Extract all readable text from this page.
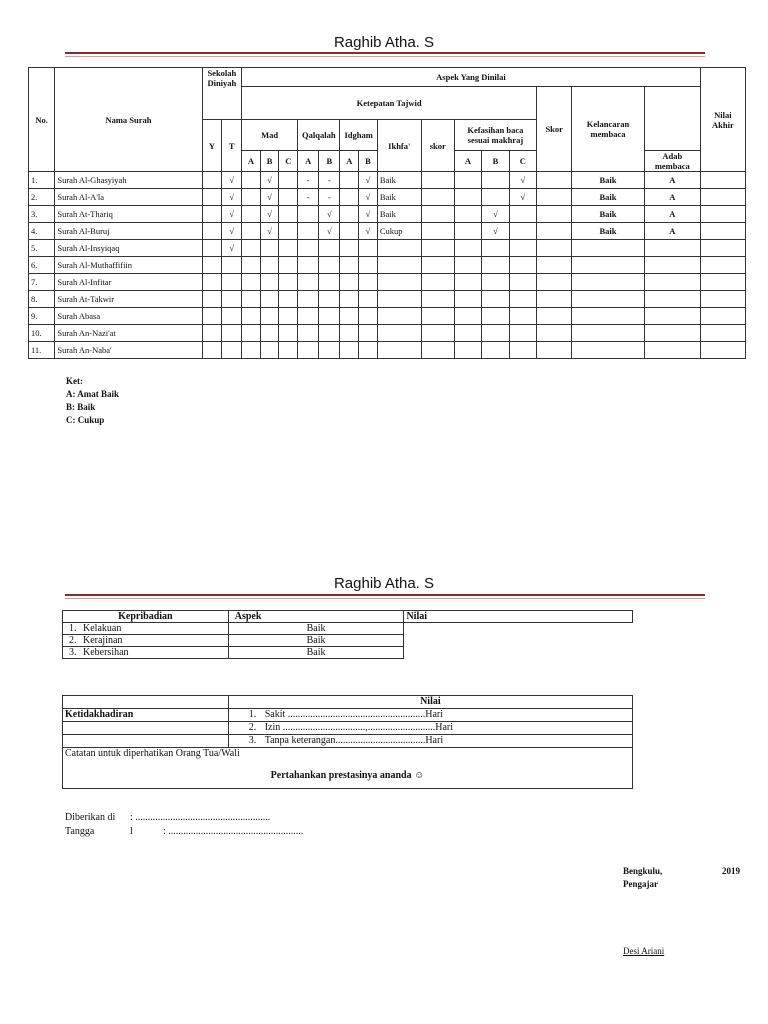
Raghib Atha. S
No.	Nama Surah	Sekolah Diniyah		Aspek Yang Dinilai															Nilai Akhir
				Ketepatan Tajwid												Skor	Kelancaran membaca		
		Y	T	Mad			Qalqalah		Idgham		Ikhfa'	skor	Kefasihan baca sesuai makhraj						
				A	B	C	A	B	A	B			A	B	C			Adab membaca	
1.	Surah Al-Ghasyiyah		√		√		-	-		√	Baik				√		Baik	A	
2.	Surah Al-A'la		√		√		-	-		√	Baik				√		Baik	A	
3.	Surah At-Thariq		√		√			√		√	Baik			√			Baik	A	
4.	Surah Al-Buruj		√		√			√		√	Cukup			√			Baik	A	
5.	Surah Al-Insyiqaq		√																
6.	Surah Al-Muthaffifiin																		
7.	Surah Al-Infitar																		
8.	Surah At-Takwir																		
9.	Surah Abasa																		
10.	Surah An-Nazi'at																		
11.	Surah An-Naba'																		
Ket:
A: Amat Baik
B: Baik
C: Cukup
Raghib Atha. S
Kepribadian	Aspek	Nilai
1. Kelakuan	Baik	
2. Kerajinan	Baik	
3. Kebersihan	Baik	
	Nilai
Ketidakhadiran	1. Sakit .......................................................Hari
	2. Izin .................................,...........................Hari
	3. Tanpa keterangan....................................Hari

Catatan untuk diperhatikan Orang Tua/Wali
Pertahankan prestasinya ananda ☺	
Diberikan di : ......................................................
Tangga	l	: ......................................................
Bengkulu,	2019
Pengajar
Desi Ariani
